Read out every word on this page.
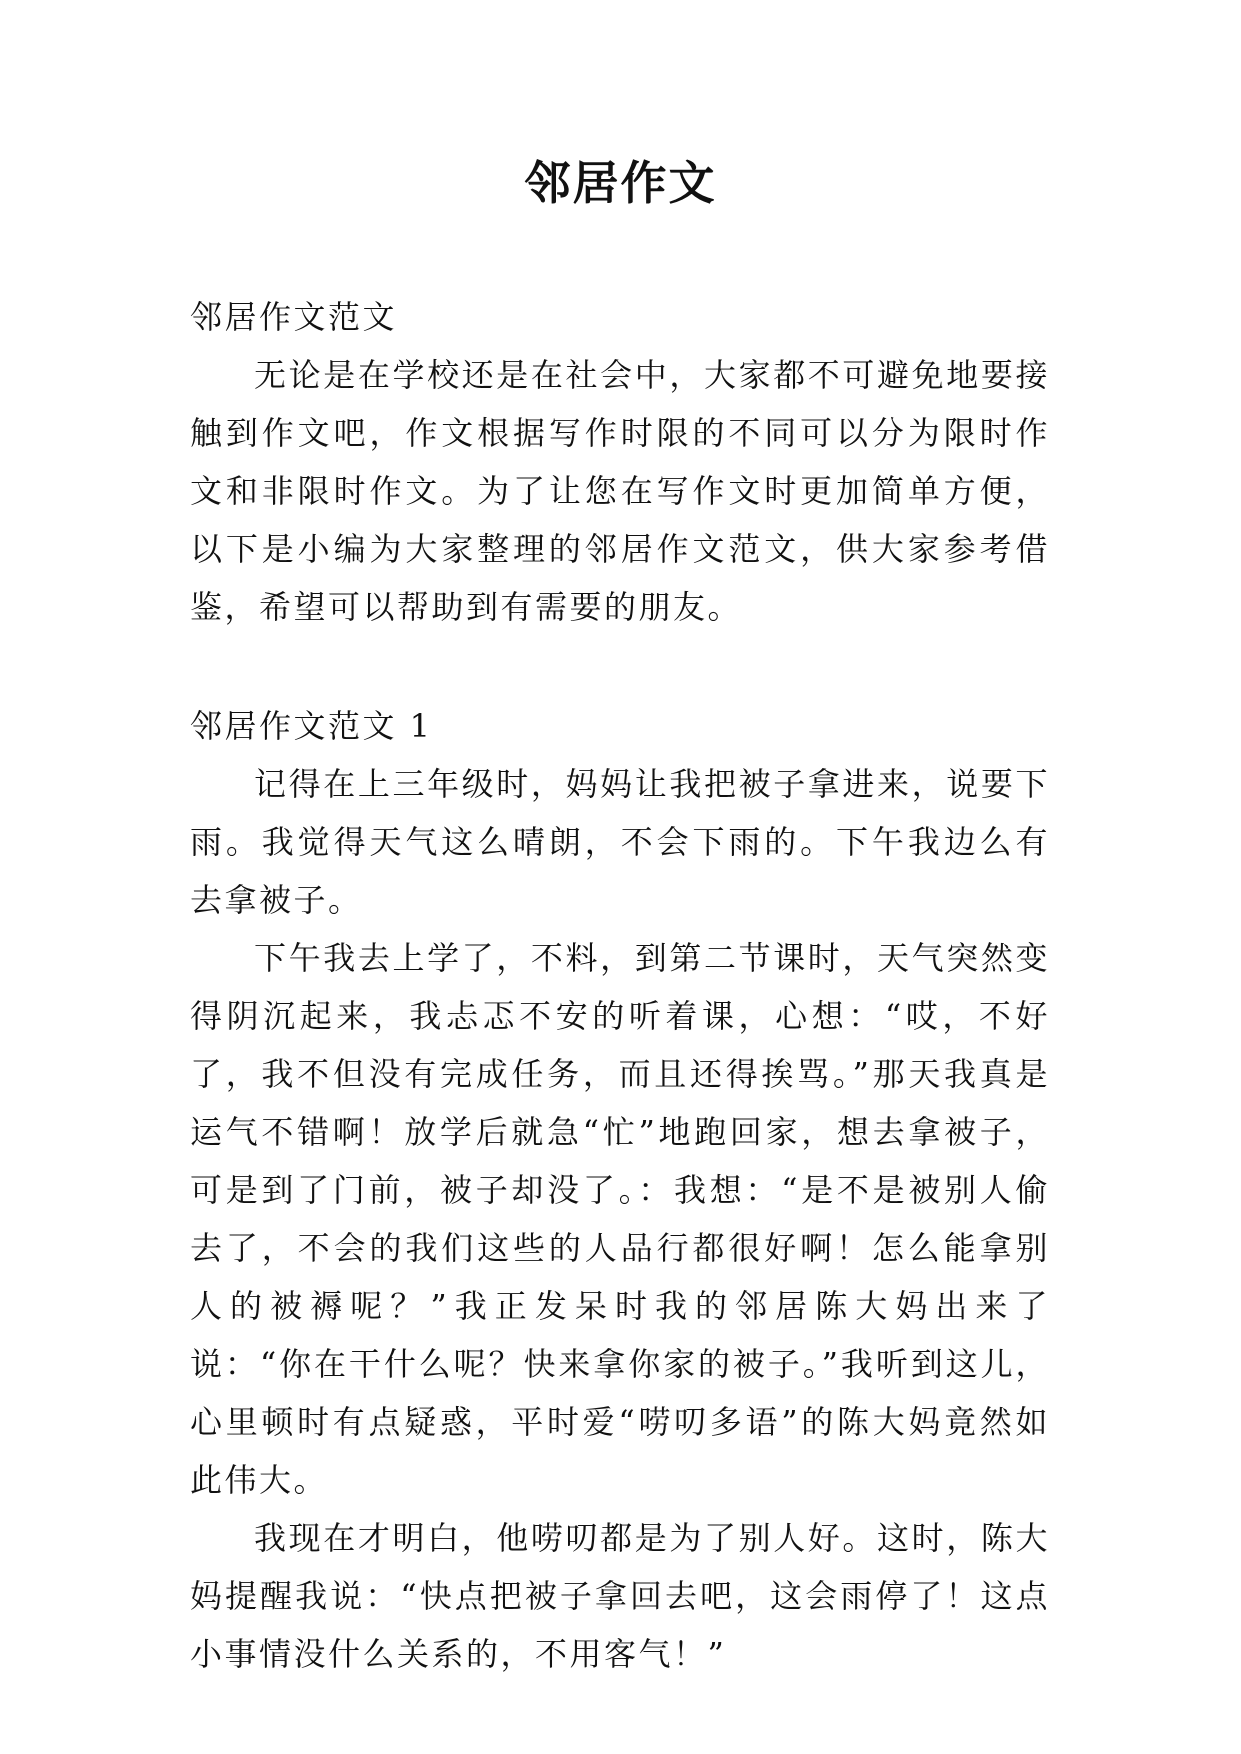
邻居作文

邻居作文范文

无论是在学校还是在社会中，大家都不可避免地要接触到作文吧，作文根据写作时限的不同可以分为限时作文和非限时作文。为了让您在写作文时更加简单方便，以下是小编为大家整理的邻居作文范文，供大家参考借鉴，希望可以帮助到有需要的朋友。

邻居作文范文 1

记得在上三年级时，妈妈让我把被子拿进来，说要下雨。我觉得天气这么晴朗，不会下雨的。下午我边么有去拿被子。

下午我去上学了，不料，到第二节课时，天气突然变得阴沉起来，我忐忑不安的听着课，心想：“哎，不好了，我不但没有完成任务，而且还得挨骂。”那天我真是运气不错啊！放学后就急“忙”地跑回家，想去拿被子，可是到了门前，被子却没了。：我想：“是不是被别人偷去了，不会的我们这些的人品行都很好啊！怎么能拿别人的被褥呢？”我正发呆时我的邻居陈大妈出来了说：“你在干什么呢？快来拿你家的被子。”我听到这儿，心里顿时有点疑惑，平时爱“唠叨多语”的陈大妈竟然如此伟大。

我现在才明白，他唠叨都是为了别人好。这时，陈大妈提醒我说：“快点把被子拿回去吧，这会雨停了！这点小事情没什么关系的，不用客气！”
